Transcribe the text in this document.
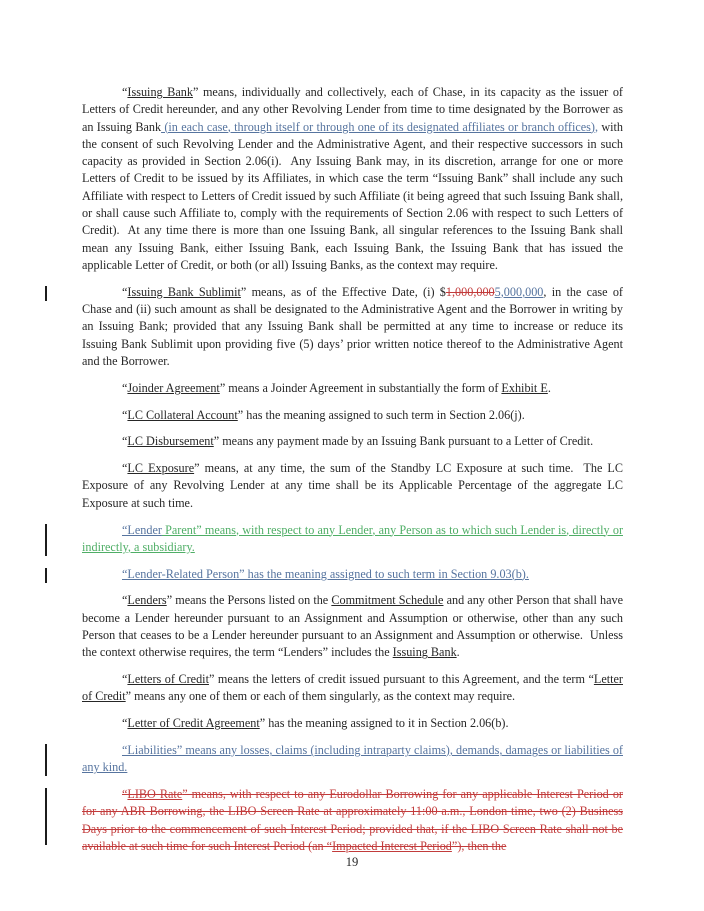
“Issuing Bank” means, individually and collectively, each of Chase, in its capacity as the issuer of Letters of Credit hereunder, and any other Revolving Lender from time to time designated by the Borrower as an Issuing Bank (in each case, through itself or through one of its designated affiliates or branch offices), with the consent of such Revolving Lender and the Administrative Agent, and their respective successors in such capacity as provided in Section 2.06(i).  Any Issuing Bank may, in its discretion, arrange for one or more Letters of Credit to be issued by its Affiliates, in which case the term “Issuing Bank” shall include any such Affiliate with respect to Letters of Credit issued by such Affiliate (it being agreed that such Issuing Bank shall, or shall cause such Affiliate to, comply with the requirements of Section 2.06 with respect to such Letters of Credit).  At any time there is more than one Issuing Bank, all singular references to the Issuing Bank shall mean any Issuing Bank, either Issuing Bank, each Issuing Bank, the Issuing Bank that has issued the applicable Letter of Credit, or both (or all) Issuing Banks, as the context may require.

“Issuing Bank Sublimit” means, as of the Effective Date, (i) $1,000,0005,000,000, in the case of Chase and (ii) such amount as shall be designated to the Administrative Agent and the Borrower in writing by an Issuing Bank; provided that any Issuing Bank shall be permitted at any time to increase or reduce its Issuing Bank Sublimit upon providing five (5) days’ prior written notice thereof to the Administrative Agent and the Borrower.

“Joinder Agreement” means a Joinder Agreement in substantially the form of Exhibit E.

“LC Collateral Account” has the meaning assigned to such term in Section 2.06(j).

“LC Disbursement” means any payment made by an Issuing Bank pursuant to a Letter of Credit.

“LC Exposure” means, at any time, the sum of the Standby LC Exposure at such time.  The LC Exposure of any Revolving Lender at any time shall be its Applicable Percentage of the aggregate LC Exposure at such time.

“Lender Parent” means, with respect to any Lender, any Person as to which such Lender is, directly or indirectly, a subsidiary.

“Lender-Related Person” has the meaning assigned to such term in Section 9.03(b).

“Lenders” means the Persons listed on the Commitment Schedule and any other Person that shall have become a Lender hereunder pursuant to an Assignment and Assumption or otherwise, other than any such Person that ceases to be a Lender hereunder pursuant to an Assignment and Assumption or otherwise.  Unless the context otherwise requires, the term “Lenders” includes the Issuing Bank.

“Letters of Credit” means the letters of credit issued pursuant to this Agreement, and the term “Letter of Credit” means any one of them or each of them singularly, as the context may require.

“Letter of Credit Agreement” has the meaning assigned to it in Section 2.06(b).

“Liabilities” means any losses, claims (including intraparty claims), demands, damages or liabilities of any kind.

“LIBO Rate” means, with respect to any Eurodollar Borrowing for any applicable Interest Period or for any ABR Borrowing, the LIBO Screen Rate at approximately 11:00 a.m., London time, two (2) Business Days prior to the commencement of such Interest Period; provided that, if the LIBO Screen Rate shall not be available at such time for such Interest Period (an “Impacted Interest Period”), then the

19
